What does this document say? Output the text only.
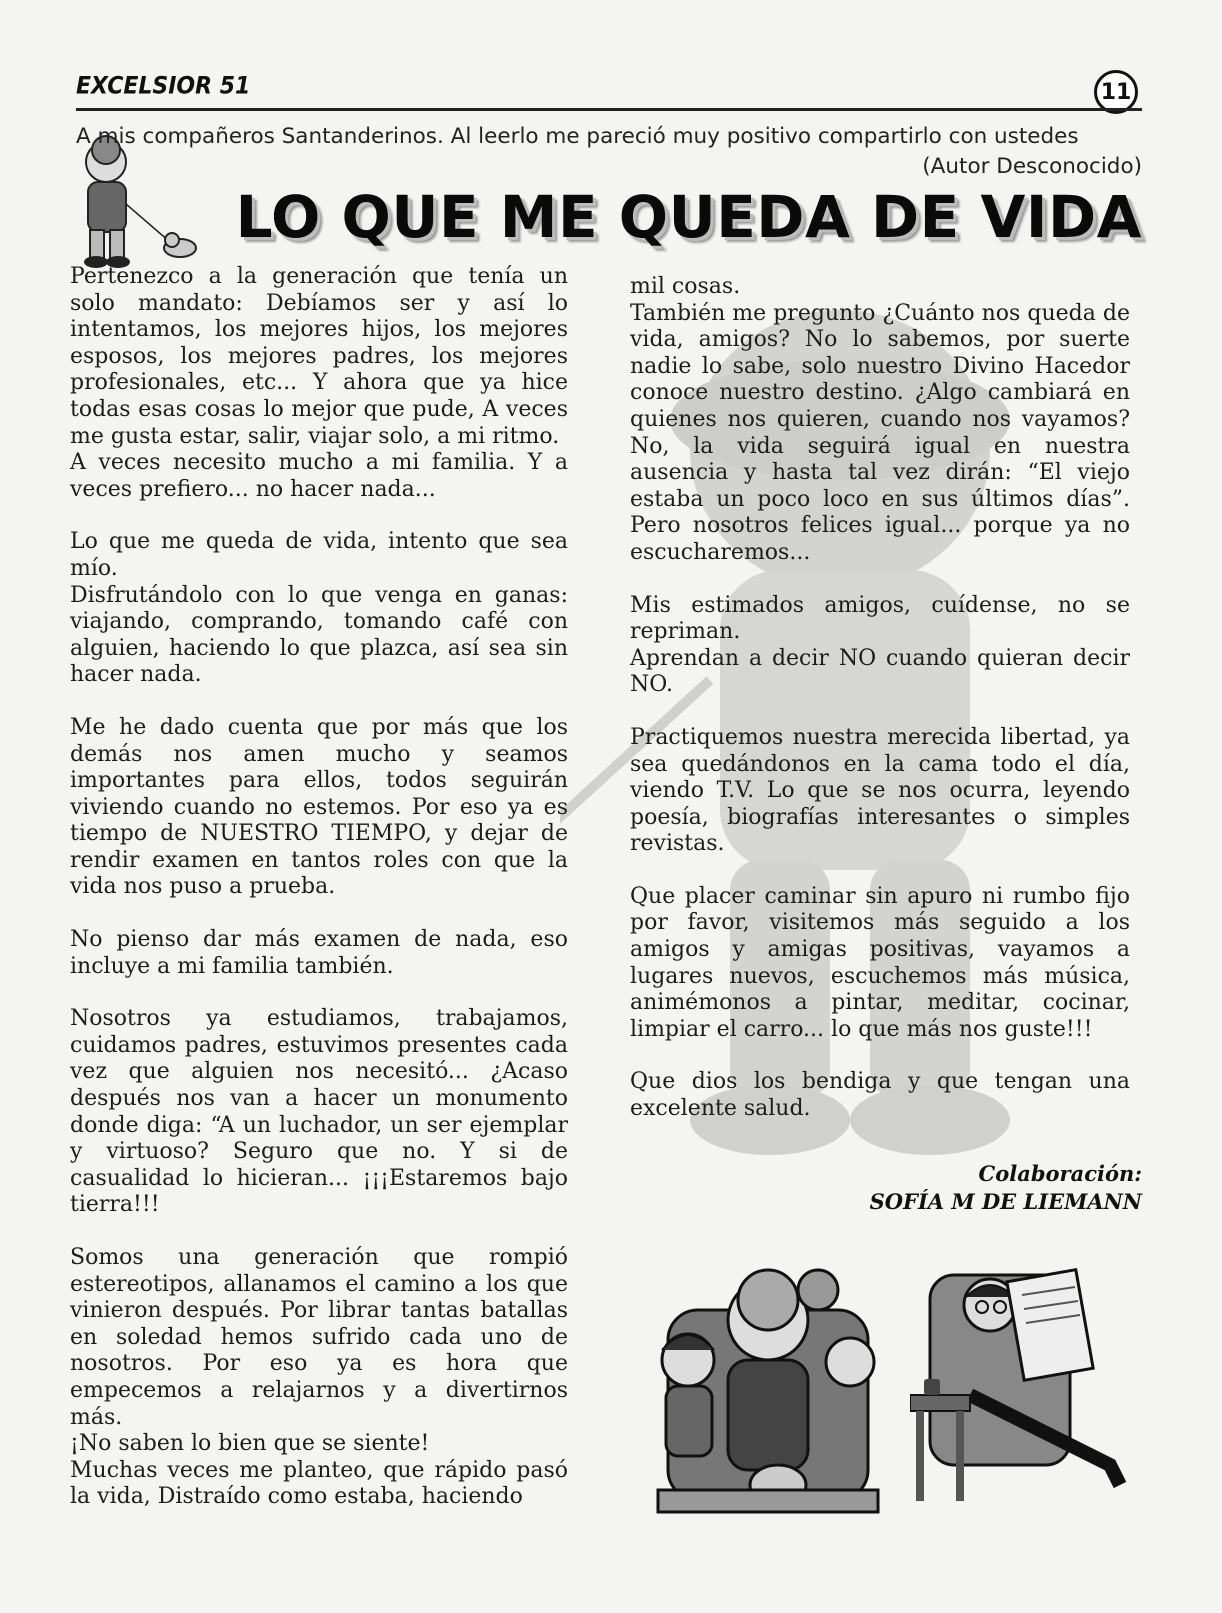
EXCELSIOR 51	11
A mis compañeros Santanderinos. Al leerlo me pareció muy positivo compartirlo con ustedes
(Autor Desconocido)
LO QUE ME QUEDA DE VIDA

Pertenezco a la generación que tenía un solo mandato: Debíamos ser y así lo intentamos, los mejores hijos, los mejores esposos, los mejores padres, los mejores profesionales, etc... Y ahora que ya hice todas esas cosas lo mejor que pude, A veces me gusta estar, salir, viajar solo, a mi ritmo.

A veces necesito mucho a mi familia. Y a veces prefiero... no hacer nada...

Lo que me queda de vida, intento que sea mío.

Disfrutándolo con lo que venga en ganas: viajando, comprando, tomando café con alguien, haciendo lo que plazca, así sea sin hacer nada.

Me he dado cuenta que por más que los demás nos amen mucho y seamos importantes para ellos, todos seguirán viviendo cuando no estemos. Por eso ya es tiempo de NUESTRO TIEMPO, y dejar de rendir examen en tantos roles con que la vida nos puso a prueba.

No pienso dar más examen de nada, eso incluye a mi familia también.

Nosotros ya estudiamos, trabajamos, cuidamos padres, estuvimos presentes cada vez que alguien nos necesitó... ¿Acaso después nos van a hacer un monumento donde diga: “A un luchador, un ser ejemplar y virtuoso? Seguro que no. Y si de casualidad lo hicieran... ¡¡¡Estaremos bajo tierra!!!

Somos una generación que rompió estereotipos, allanamos el camino a los que vinieron después. Por librar tantas batallas en soledad hemos sufrido cada uno de nosotros. Por eso ya es hora que empecemos a relajarnos y a divertirnos más.

¡No saben lo bien que se siente!

Muchas veces me planteo, que rápido pasó la vida, Distraído como estaba, haciendo

mil cosas.

También me pregunto ¿Cuánto nos queda de vida, amigos? No lo sabemos, por suerte nadie lo sabe, solo nuestro Divino Hacedor conoce nuestro destino. ¿Algo cambiará en quienes nos quieren, cuando nos vayamos? No, la vida seguirá igual en nuestra ausencia y hasta tal vez dirán: “El viejo estaba un poco loco en sus últimos días”. Pero nosotros felices igual... porque ya no escucharemos...

Mis estimados amigos, cuídense, no se repriman.

Aprendan a decir NO cuando quieran decir NO.

Practiquemos nuestra merecida libertad, ya sea quedándonos en la cama todo el día, viendo T.V. Lo que se nos ocurra, leyendo poesía, biografías interesantes o simples revistas.

Que placer caminar sin apuro ni rumbo fijo por favor, visitemos más seguido a los amigos y amigas positivas, vayamos a lugares nuevos, escuchemos más música, animémonos a pintar, meditar, cocinar, limpiar el carro... lo que más nos guste!!!

Que dios los bendiga y que tengan una excelente salud.

Colaboración:
SOFÍA M DE LIEMANN
